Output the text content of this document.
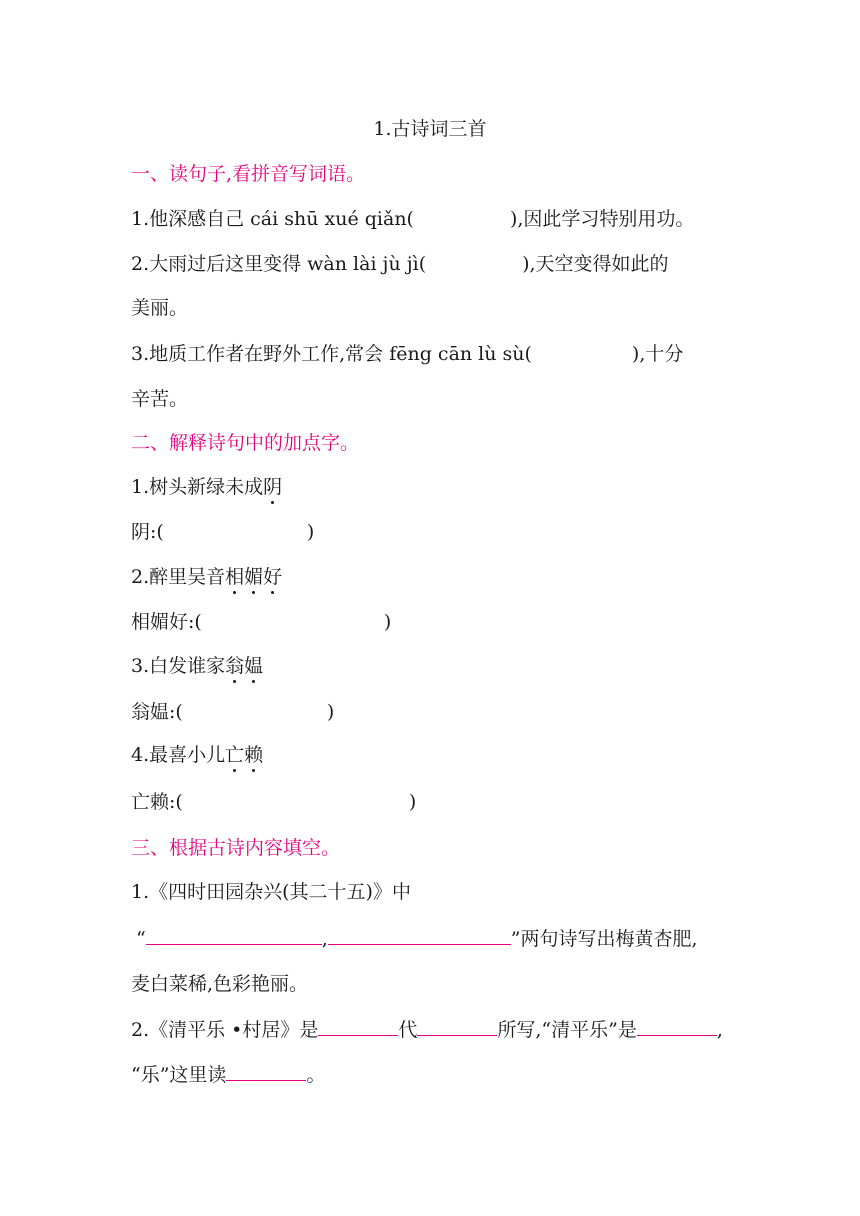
1.古诗词三首
一、读句子,看拼音写词语。
1.他深感自己 cái shū xué qiǎn(	),因此学习特别用功。
2.大雨过后这里变得 wàn lài jù jì(	),天空变得如此的
美丽。
3.地质工作者在野外工作,常会 fēng cān lù sù(	),十分
辛苦。
二、解释诗句中的加点字。
1.树头新绿未成阴
阴:(	)
2.醉里吴音相媚好
相媚好:(	)
3.白发谁家翁媪
翁媪:(	)
4.最喜小儿亡赖
亡赖:(	)
三、根据古诗内容填空。
1.《四时田园杂兴(其二十五)》中
“	,	”两句诗写出梅黄杏肥,
麦白菜稀,色彩艳丽。
2.《清平乐 •村居》是	代	所写,“清平乐”是	,
“乐”这里读	。
